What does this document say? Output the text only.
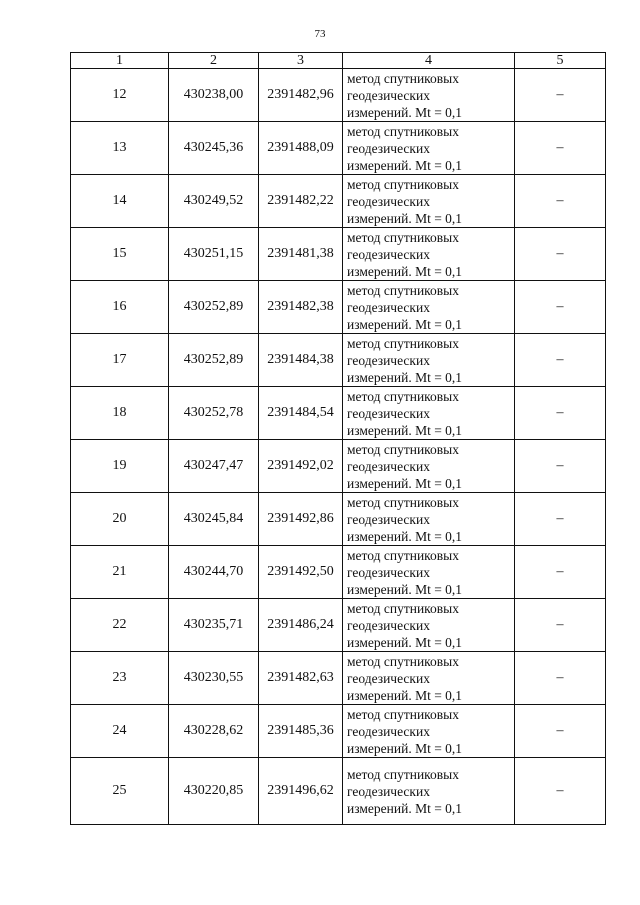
73
1	2	3	4	5
12	430238,00	2391482,96	метод спутниковых
геодезических
измерений. Mt = 0,1	–
13	430245,36	2391488,09	метод спутниковых
геодезических
измерений. Mt = 0,1	–
14	430249,52	2391482,22	метод спутниковых
геодезических
измерений. Mt = 0,1	–
15	430251,15	2391481,38	метод спутниковых
геодезических
измерений. Mt = 0,1	–
16	430252,89	2391482,38	метод спутниковых
геодезических
измерений. Mt = 0,1	–
17	430252,89	2391484,38	метод спутниковых
геодезических
измерений. Mt = 0,1	–
18	430252,78	2391484,54	метод спутниковых
геодезических
измерений. Mt = 0,1	–
19	430247,47	2391492,02	метод спутниковых
геодезических
измерений. Mt = 0,1	–
20	430245,84	2391492,86	метод спутниковых
геодезических
измерений. Mt = 0,1	–
21	430244,70	2391492,50	метод спутниковых
геодезических
измерений. Mt = 0,1	–
22	430235,71	2391486,24	метод спутниковых
геодезических
измерений. Mt = 0,1	–
23	430230,55	2391482,63	метод спутниковых
геодезических
измерений. Mt = 0,1	–
24	430228,62	2391485,36	метод спутниковых
геодезических
измерений. Mt = 0,1	–
25	430220,85	2391496,62	метод спутниковых
геодезических
измерений. Mt = 0,1	–
